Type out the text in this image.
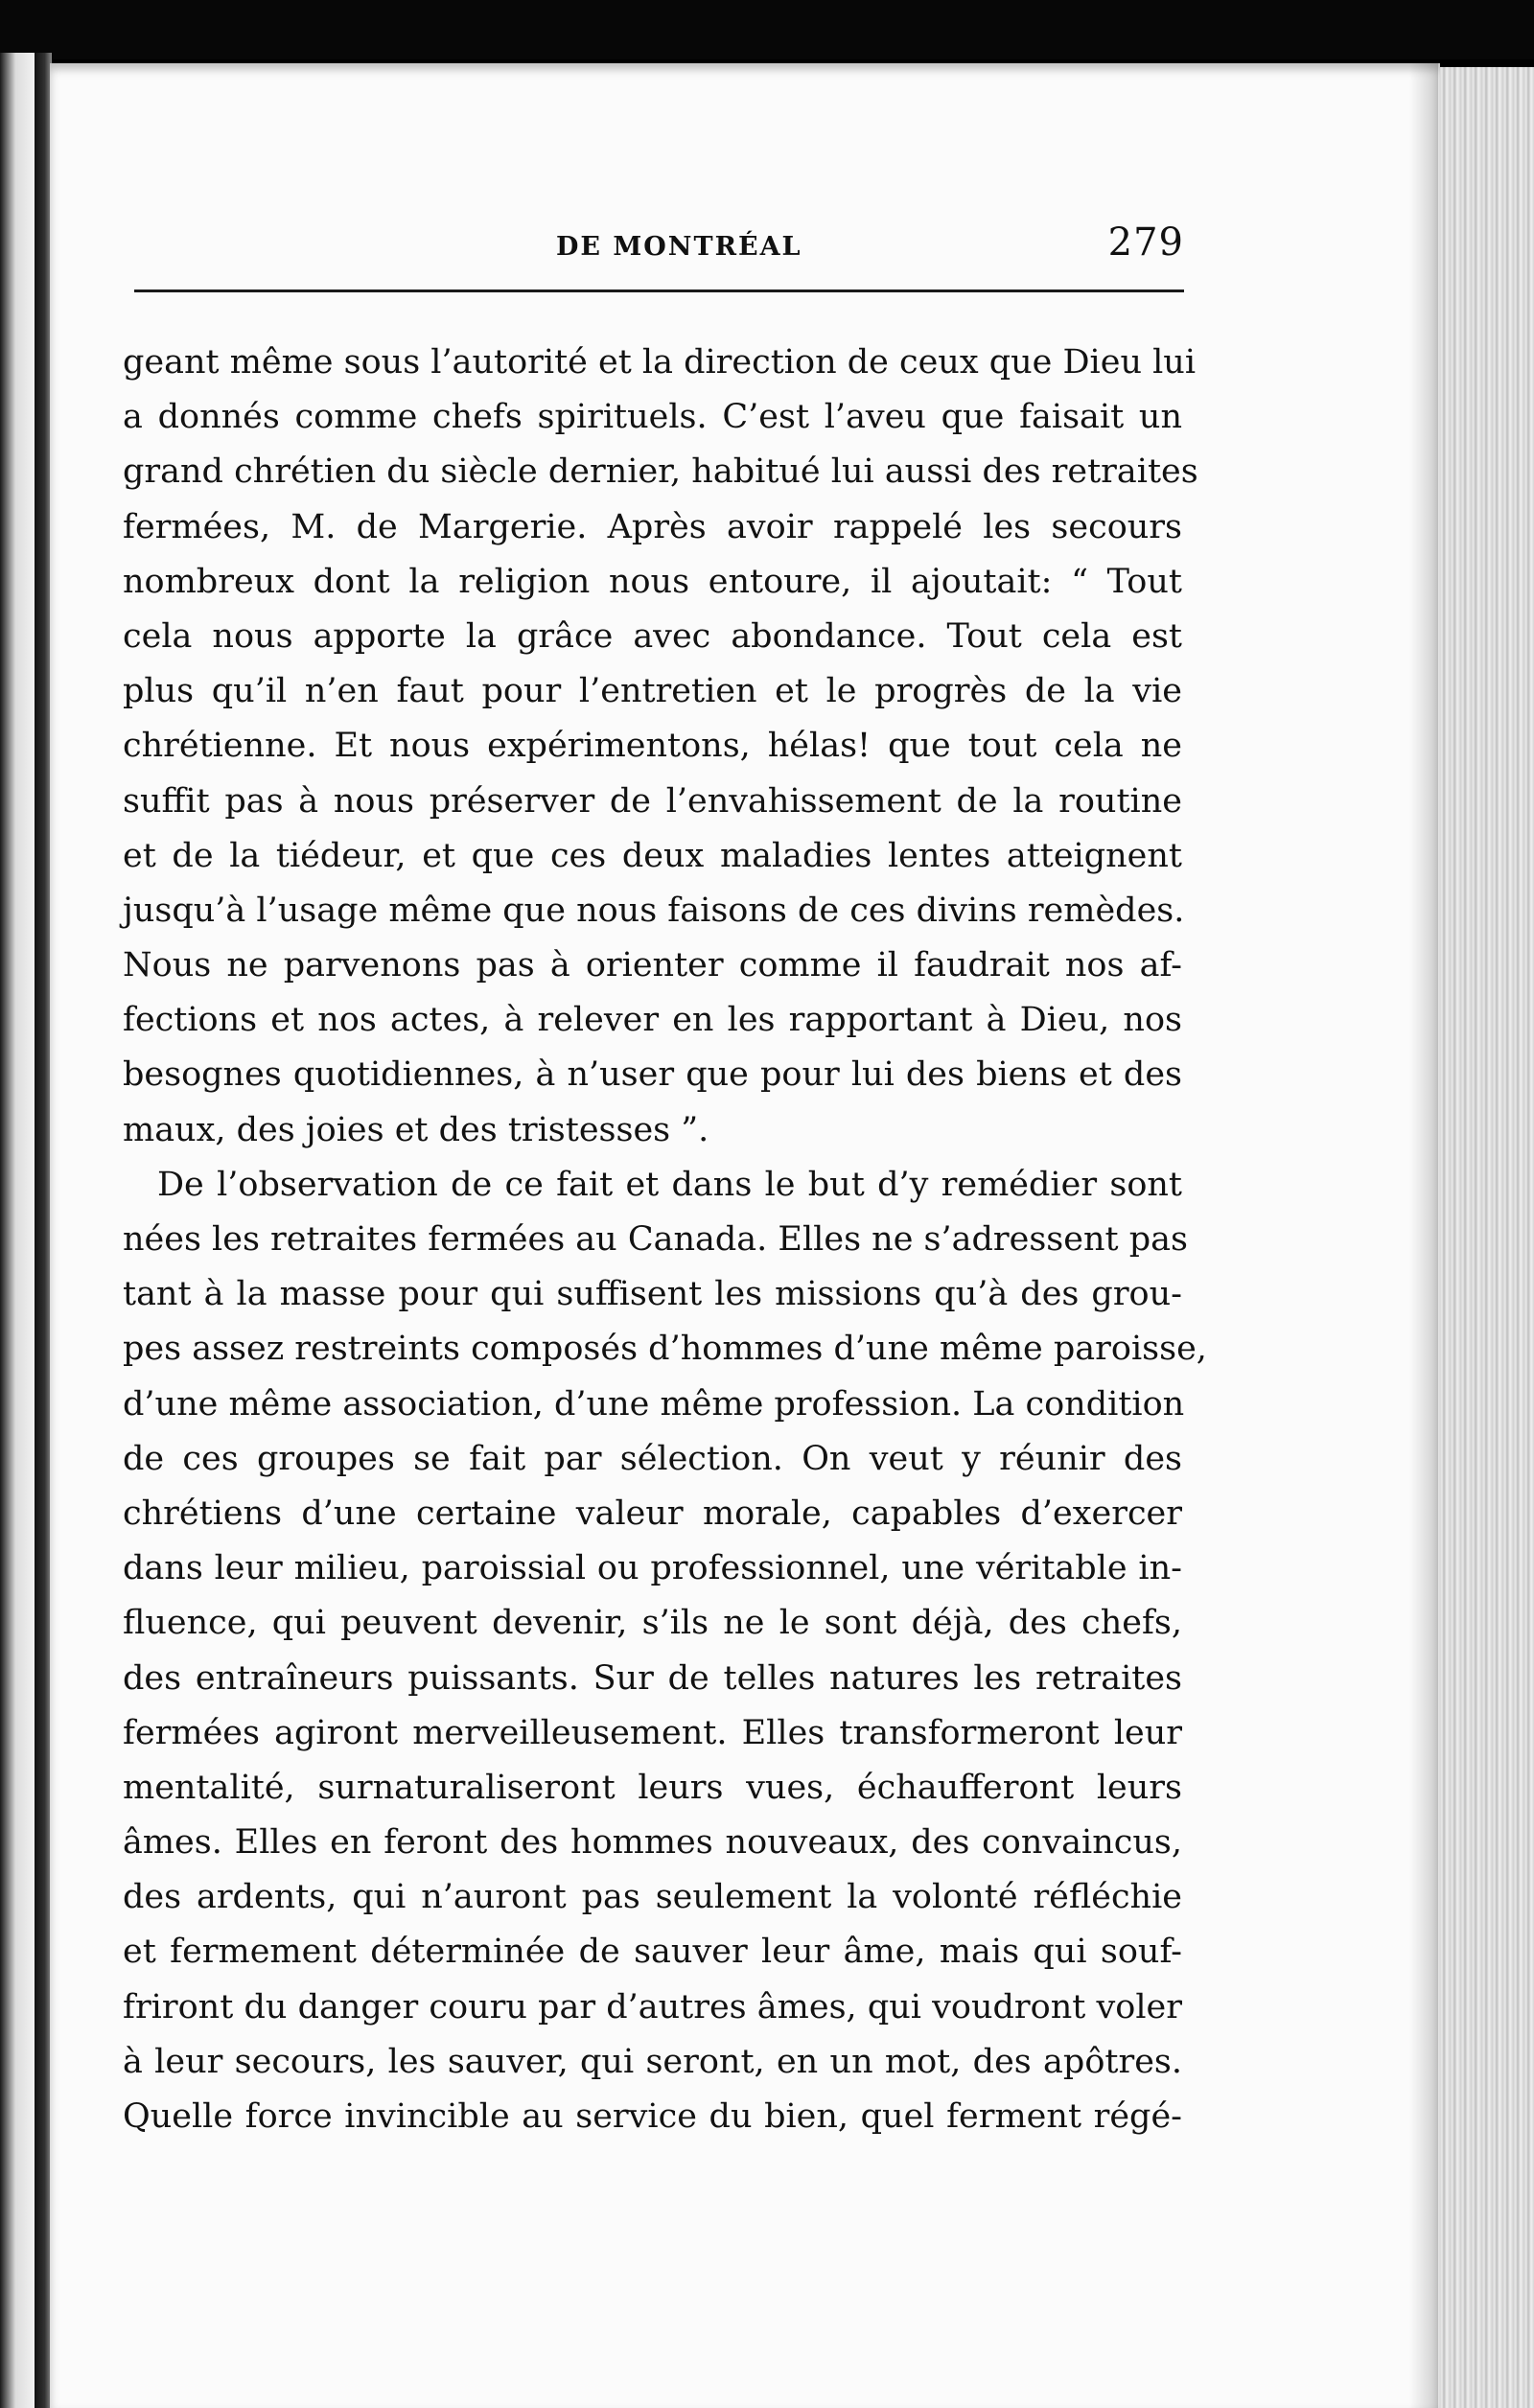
DE MONTRÉAL	279
geant même sous l’autorité et la direction de ceux que Dieu lui
a donnés comme chefs spirituels. C’est l’aveu que faisait un
grand chrétien du siècle dernier, habitué lui aussi des retraites
fermées, M. de Margerie. Après avoir rappelé les secours
nombreux dont la religion nous entoure, il ajoutait: “ Tout
cela nous apporte la grâce avec abondance. Tout cela est
plus qu’il n’en faut pour l’entretien et le progrès de la vie
chrétienne. Et nous expérimentons, hélas! que tout cela ne
suffit pas à nous préserver de l’envahissement de la routine
et de la tiédeur, et que ces deux maladies lentes atteignent
jusqu’à l’usage même que nous faisons de ces divins remèdes.
Nous ne parvenons pas à orienter comme il faudrait nos af-
fections et nos actes, à relever en les rapportant à Dieu, nos
besognes quotidiennes, à n’user que pour lui des biens et des
maux, des joies et des tristesses ”.
De l’observation de ce fait et dans le but d’y remédier sont
nées les retraites fermées au Canada. Elles ne s’adressent pas
tant à la masse pour qui suffisent les missions qu’à des grou-
pes assez restreints composés d’hommes d’une même paroisse,
d’une même association, d’une même profession. La condition
de ces groupes se fait par sélection. On veut y réunir des
chrétiens d’une certaine valeur morale, capables d’exercer
dans leur milieu, paroissial ou professionnel, une véritable in-
fluence, qui peuvent devenir, s’ils ne le sont déjà, des chefs,
des entraîneurs puissants. Sur de telles natures les retraites
fermées agiront merveilleusement. Elles transformeront leur
mentalité, surnaturaliseront leurs vues, échaufferont leurs
âmes. Elles en feront des hommes nouveaux, des convaincus,
des ardents, qui n’auront pas seulement la volonté réfléchie
et fermement déterminée de sauver leur âme, mais qui souf-
friront du danger couru par d’autres âmes, qui voudront voler
à leur secours, les sauver, qui seront, en un mot, des apôtres.
Quelle force invincible au service du bien, quel ferment régé-
